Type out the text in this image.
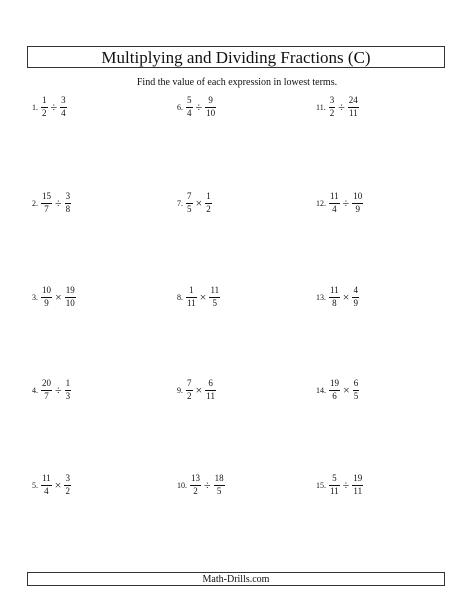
Multiplying and Dividing Fractions (C)
Find the value of each expression in lowest terms.
1. $\frac{1}{2} \div \frac{3}{4}$
2. $\frac{15}{7} \div \frac{3}{8}$
3. $\frac{10}{9} \times \frac{19}{10}$
4. $\frac{20}{7} \div \frac{1}{3}$
5. $\frac{11}{4} \times \frac{3}{2}$
6. $\frac{5}{4} \div \frac{9}{10}$
7. $\frac{7}{5} \times \frac{1}{2}$
8. $\frac{1}{11} \times \frac{11}{5}$
9. $\frac{7}{2} \times \frac{6}{11}$
10. $\frac{13}{2} \div \frac{18}{5}$
11. $\frac{3}{2} \div \frac{24}{11}$
12. $\frac{11}{4} \div \frac{10}{9}$
13. $\frac{11}{8} \times \frac{4}{9}$
14. $\frac{19}{6} \times \frac{6}{5}$
15. $\frac{5}{11} \div \frac{19}{11}$
Math-Drills.com
